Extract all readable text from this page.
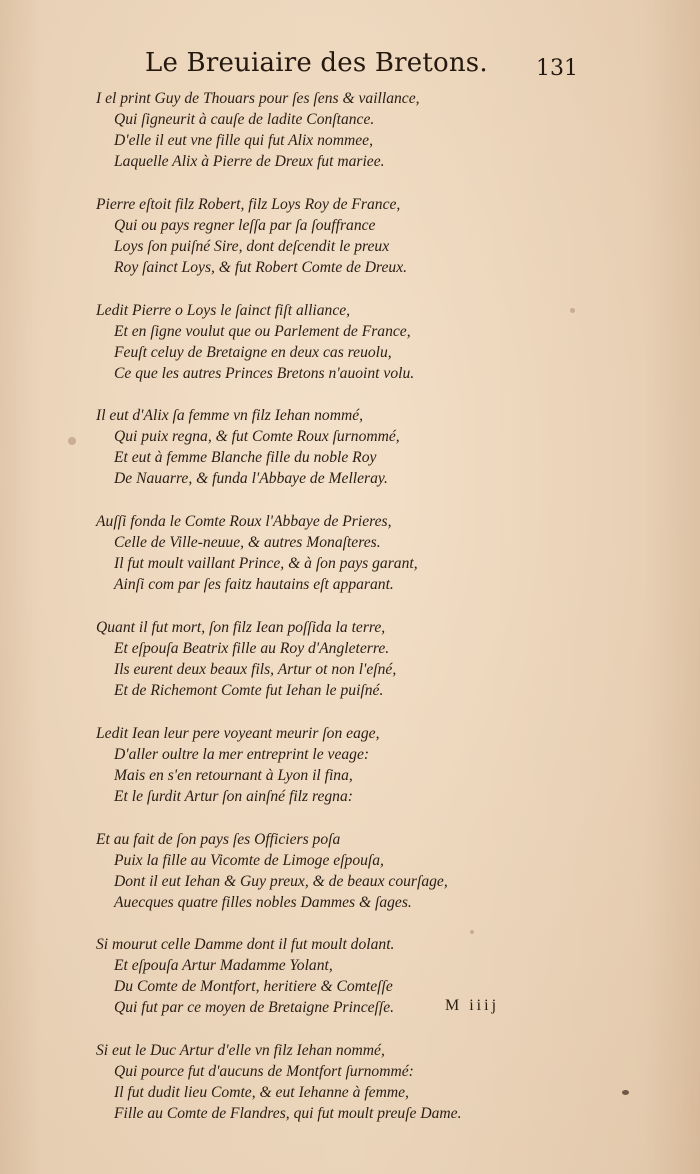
Le Breuiaire des Bretons. 131
I el print Guy de Thouars pour ſes ſens & vaillance,
Qui ſigneurit à cauſe de ladite Conſtance.
D'elle il eut vne fille qui fut Alix nommee,
Laquelle Alix à Pierre de Dreux fut mariee.
Pierre eſtoit filz Robert, filz Loys Roy de France,
Qui ou pays regner leſſa par ſa ſouffrance
Loys ſon puiſné Sire, dont deſcendit le preux
Roy ſainct Loys, & fut Robert Comte de Dreux.
Ledit Pierre o Loys le ſainct fiſt alliance,
Et en ſigne voulut que ou Parlement de France,
Feuſt celuy de Bretaigne en deux cas reuolu,
Ce que les autres Princes Bretons n'auoint volu.
Il eut d'Alix ſa femme vn filz Iehan nommé,
Qui puix regna, & fut Comte Roux ſurnommé,
Et eut à femme Blanche fille du noble Roy
De Nauarre, & funda l'Abbaye de Melleray.
Auſſi fonda le Comte Roux l'Abbaye de Prieres,
Celle de Ville-neuue, & autres Monaſteres.
Il fut moult vaillant Prince, & à ſon pays garant,
Ainſi com par ſes faitz hautains eſt apparant.
Quant il fut mort, ſon filz Iean poſſida la terre,
Et eſpouſa Beatrix fille au Roy d'Angleterre.
Ils eurent deux beaux fils, Artur ot non l'eſné,
Et de Richemont Comte fut Iehan le puiſné.
Ledit Iean leur pere voyeant meurir ſon eage,
D'aller oultre la mer entreprint le veage:
Mais en s'en retournant à Lyon il fina,
Et le ſurdit Artur ſon ainſné filz regna:
Et au fait de ſon pays ſes Officiers poſa
Puix la fille au Vicomte de Limoge eſpouſa,
Dont il eut Iehan & Guy preux, & de beaux courſage,
Auecques quatre filles nobles Dammes & ſages.
Si mourut celle Damme dont il fut moult dolant.
Et eſpouſa Artur Madamme Yolant,
Du Comte de Montfort, heritiere & Comteſſe
Qui fut par ce moyen de Bretaigne Princeſſe.
Si eut le Duc Artur d'elle vn filz Iehan nommé,
Qui pource fut d'aucuns de Montfort ſurnommé:
Il fut dudit lieu Comte, & eut Iehanne à femme,
Fille au Comte de Flandres, qui fut moult preuſe Dame.
M iiij
